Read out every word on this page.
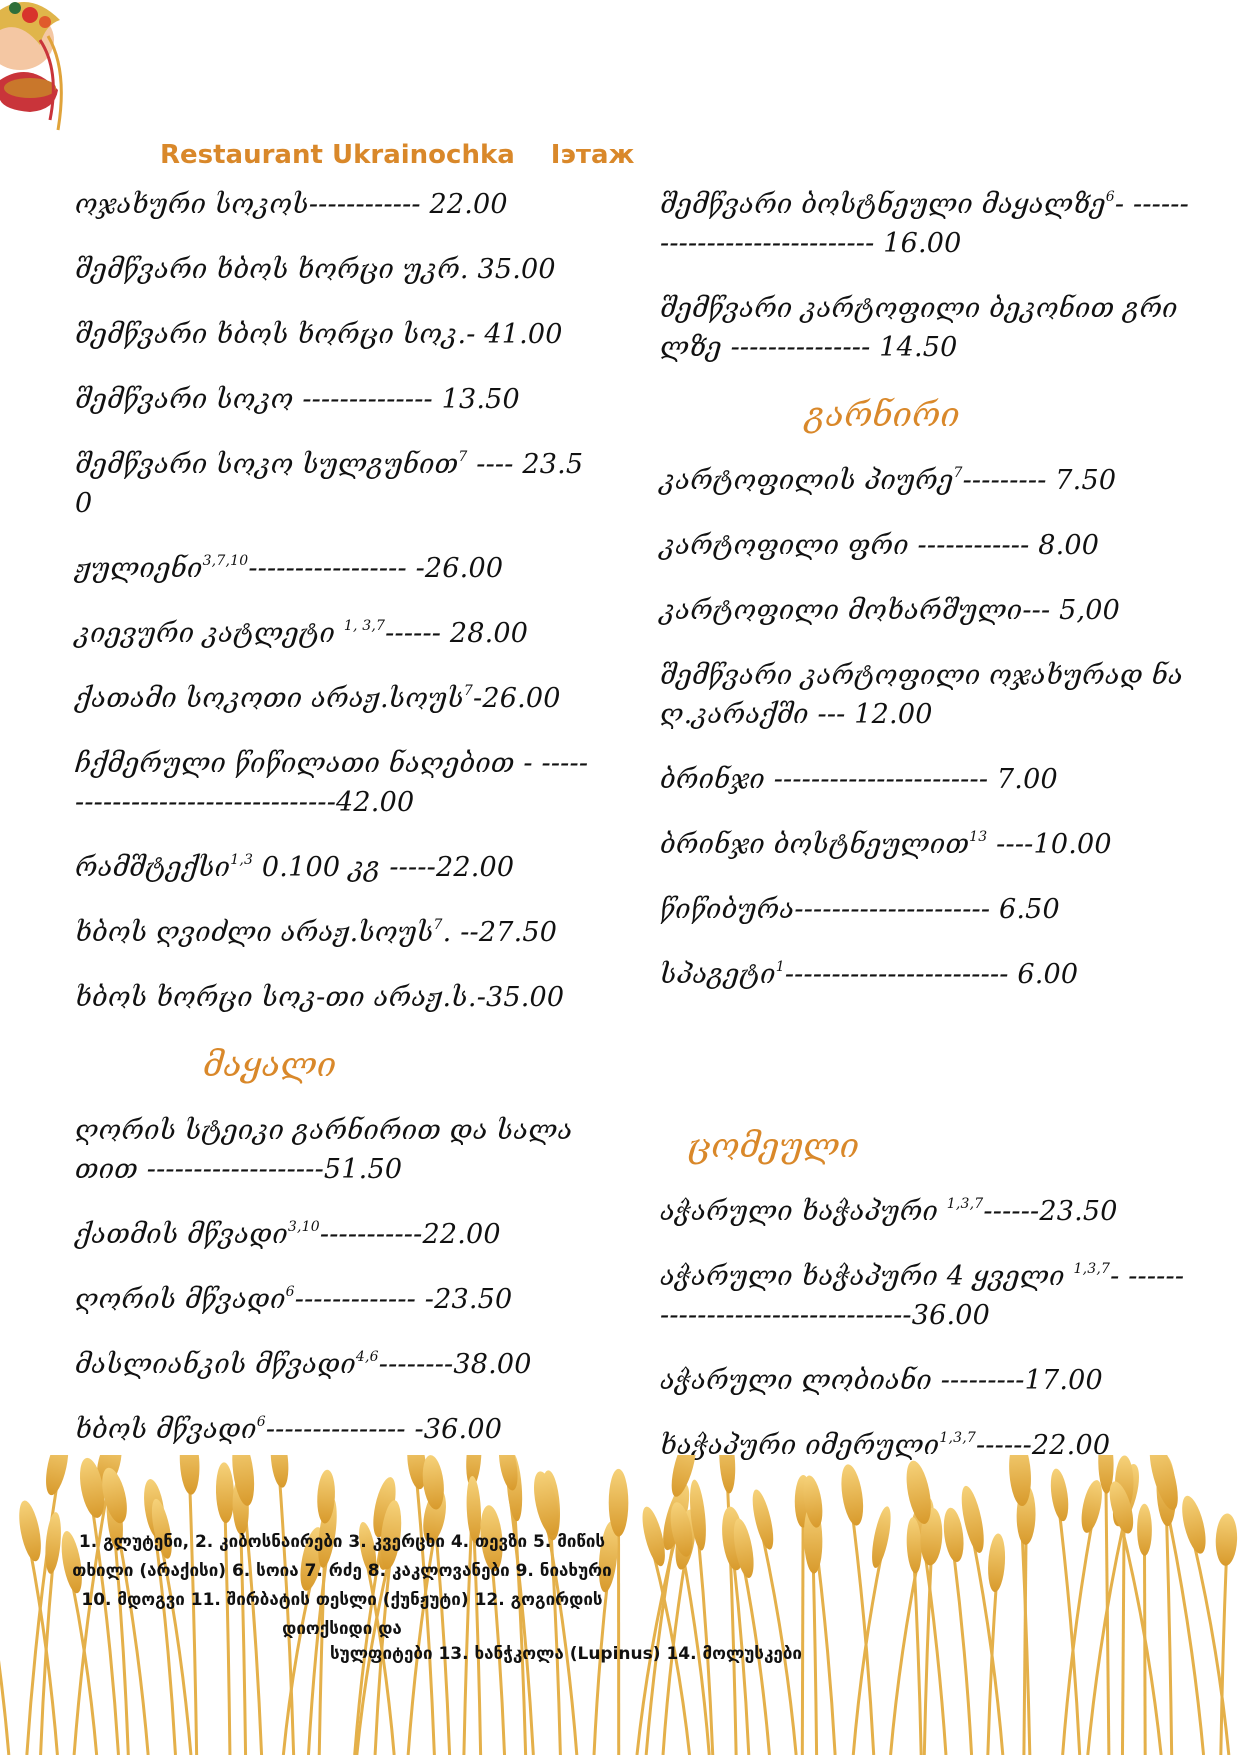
Restaurant Ukrainochka Iэтаж
ოჯახური სოკოს------------ 22.00
შემწვარი ხბოს ხორცი უკრ. 35.00
შემწვარი ხბოს ხორცი სოკ.- 41.00
შემწვარი სოკო -------------- 13.50
შემწვარი სოკო სულგუნით$^7$ ---- 23.50
ჟულიენი$^{3,7,10}$----------------- -26.00
კიევური კატლეტი $^{1, 3,7}$------ 28.00
ქათამი სოკოთი არაჟ.სოუს$^7$-26.00
ჩქმერული წიწილათი ნაღებით - ---------------------------------42.00
რამშტექსი$^{1,3}$ 0.100 კგ -----22.00
ხბოს ღვიძლი არაჟ.სოუს$^7$. --27.50
ხბოს ხორცი სოკ-თი არაჟ.ს.-35.00
მაყალი
ღორის სტეიკი გარნირით და სალათით -------------------51.50
ქათმის მწვადი$^{3,10}$-----------22.00
ღორის მწვადი$^6$------------- -23.50
მასლიანკის მწვადი$^{4,6}$--------38.00
ხბოს მწვადი$^6$--------------- -36.00
შემწვარი ბოსტნეული მაყალზე$^6$- ----------------------------- 16.00
შემწვარი კარტოფილი ბეკონით გრილზე --------------- 14.50
გარნირი
კარტოფილის პიურე$^7$--------- 7.50
კარტოფილი ფრი ------------ 8.00
კარტოფილი მოხარშული--- 5,00
შემწვარი კარტოფილი ოჯახურად ნაღ.კარაქში --- 12.00
ბრინჯი ----------------------- 7.00
ბრინჯი ბოსტნეულით$^{13}$ ----10.00
წიწიბურა--------------------- 6.50
სპაგეტი$^1$------------------------ 6.00
ცომეული
აჭარული ხაჭაპური $^{1,3,7}$------23.50
აჭარული ხაჭაპური 4 ყველი $^{1,3,7}$- ---------------------------------36.00
აჭარული ლობიანი ---------17.00
ხაჭაპური იმერული$^{1,3,7}$------22.00
1. გლუტენი, 2. კიბოსნაირები 3. კვერცხი 4. თევზი 5. მიწის თხილი (არაქისი) 6. სოია 7. რძე 8. კაკლოვანები 9. ნიახური 10. მდოგვი 11. შირბატის თესლი (ქუნჟუტი) 12. გოგირდის დიოქსიდი და
სულფიტები 13. ხანჭკოლა (Lupinus) 14. მოლუსკები
